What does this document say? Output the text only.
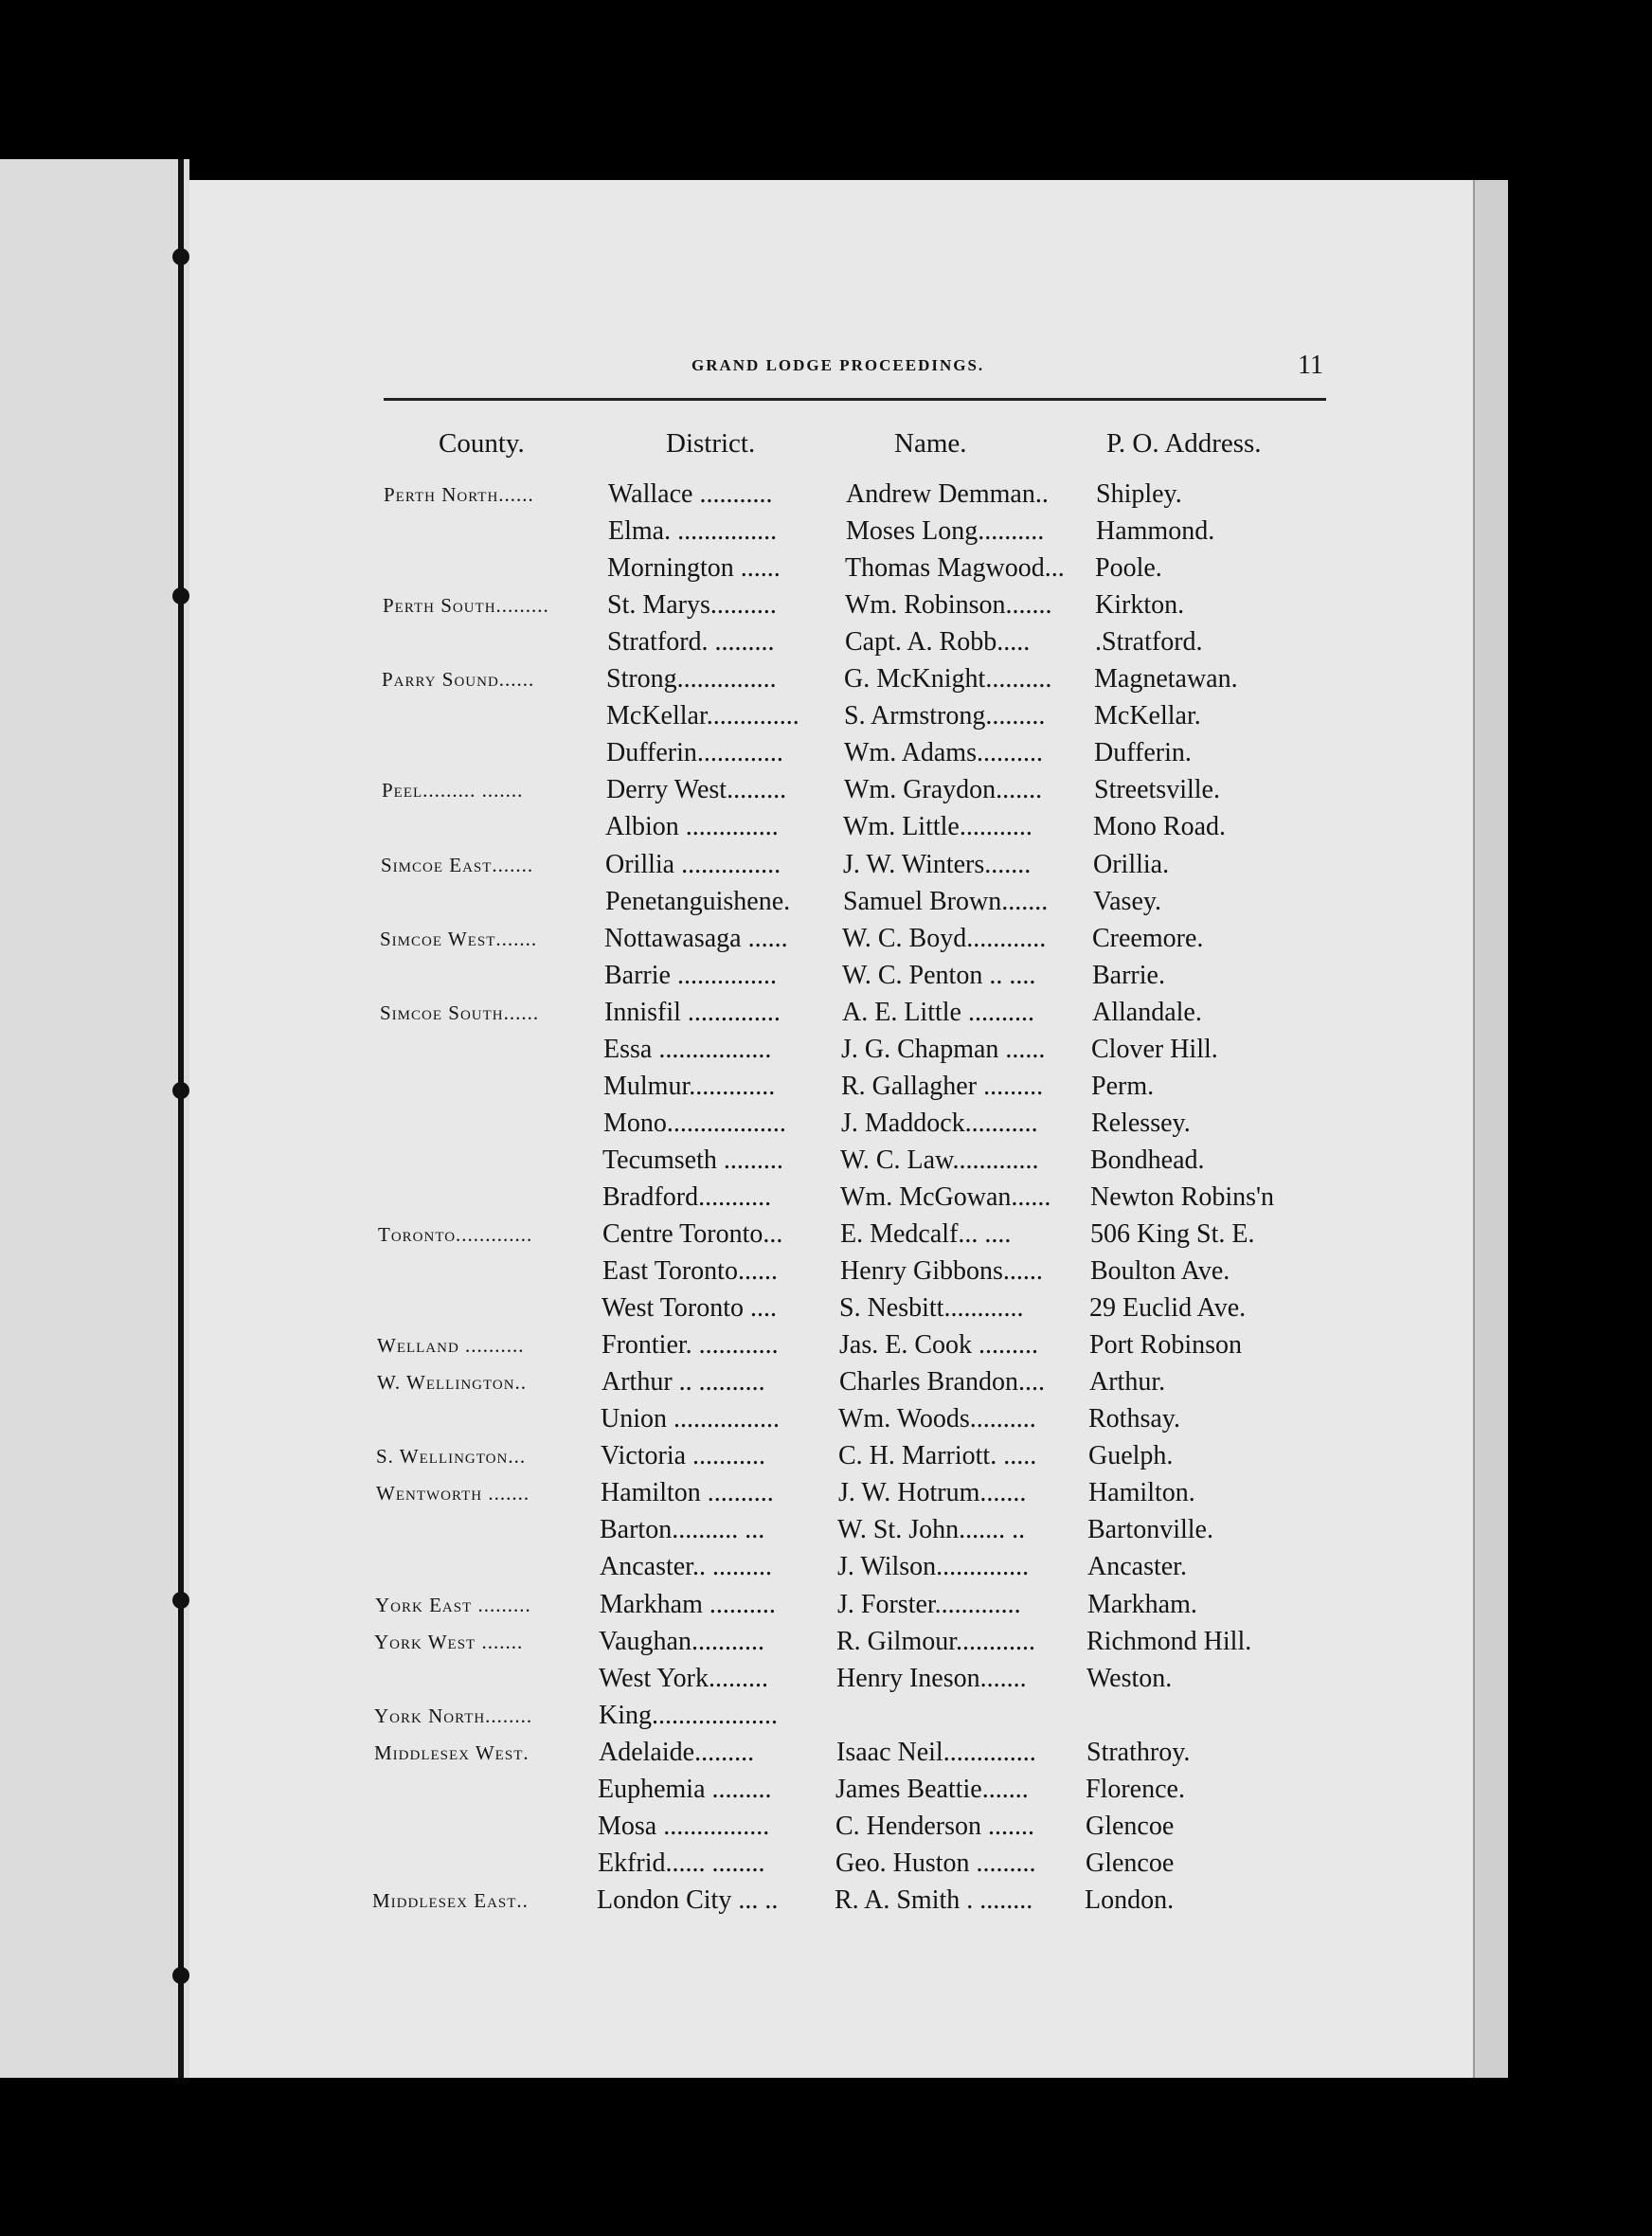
GRAND LODGE PROCEEDINGS.	11
County.	District.	Name.	P. O. Address.
Perth North......	Wallace ...........	Andrew Demman.. Shipley.
Elma. ...............	Moses Long.......... Hammond.
Mornington ...... Thomas Magwood... Poole.
Perth South......... St. Marys..........	Wm. Robinson....... Kirkton.
Stratford. .........	Capt. A. Robb..... .Stratford.
Parry Sound......	Strong...............	G. McKnight.......... Magnetawan.
McKellar.............. S. Armstrong......... McKellar.
Dufferin............. Wm. Adams.......... Dufferin.
Peel......... .......	Derry West......... Wm. Graydon....... Streetsville.
Albion .............. Wm. Little........... Mono Road.
Simcoe East.......	Orillia ............... J. W. Winters....... Orillia.
Penetanguishene. Samuel Brown....... Vasey.
Simcoe West.......	Nottawasaga ...... W. C. Boyd............ Creemore.
Barrie ............... W. C. Penton .. .... Barrie.
Simcoe South...... Innisfil .............. A. E. Little .......... Allandale.
Essa .................	J. G. Chapman ...... Clover Hill.
Mulmur............. R. Gallagher ......... Perm.
Mono.................. J. Maddock........... Relessey.
Tecumseth ......... W. C. Law............. Bondhead.
Bradford...........	Wm. McGowan...... Newton Robins'n
Toronto.............	Centre Toronto... E. Medcalf... ....	506 King St. E.
East Toronto...... Henry Gibbons...... Boulton Ave.
West Toronto .... S. Nesbitt............ 29 Euclid Ave.
Welland ..........	Frontier. ............ Jas. E. Cook ......... Port Robinson
W. Wellington..	Arthur .. ..........	Charles Brandon.... Arthur.
Union ................ Wm. Woods.......... Rothsay.
S. Wellington...	Victoria ...........	C. H. Marriott. ..... Guelph.
Wentworth .......	Hamilton .......... J. W. Hotrum....... Hamilton.
Barton.......... ...	W. St. John....... .. Bartonville.
Ancaster.. ......... J. Wilson.............. Ancaster.
York East .........	Markham .......... J. Forster.............	Markham.
York West .......	Vaughan...........	R. Gilmour............ Richmond Hill.
West York.........	Henry Ineson....... Weston.
York North........ King...................
Middlesex West.	Adelaide.........	Isaac Neil.............. Strathroy.
Euphemia ......... James Beattie....... Florence.
Mosa ................ C. Henderson ....... Glencoe
Ekfrid...... ........	Geo. Huston ......... Glencoe
Middlesex East..	London City ... .. R. A. Smith . ........ London.
